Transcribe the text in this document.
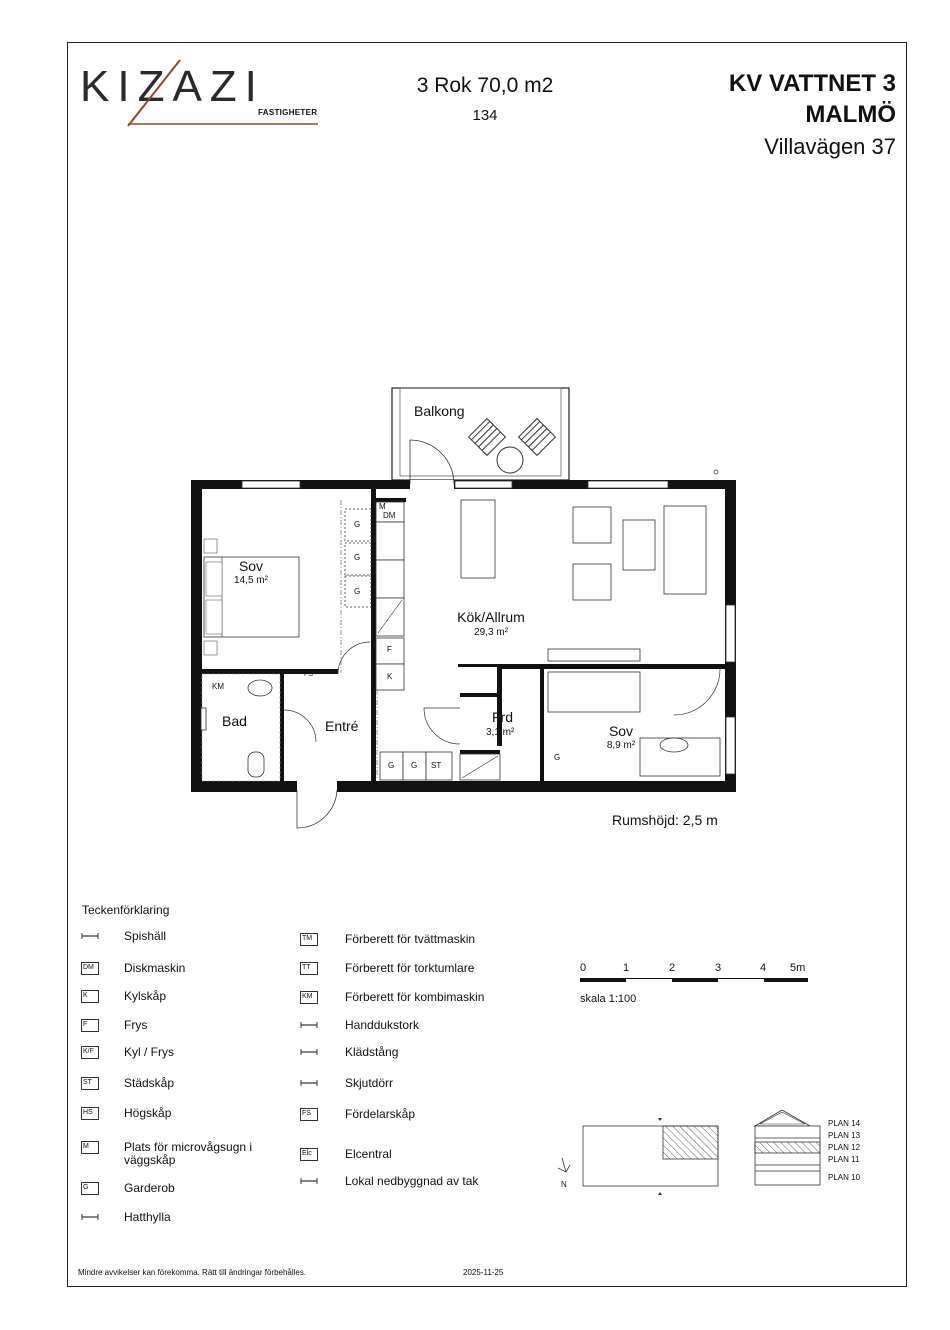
KIZAZI
FASTIGHETER
3 Rok 70,0 m2
134
KV VATTNET 3
MALMÖ
Villavägen 37
Balkong
Sov
14,5 m²
Kök/Allrum
29,3 m²
Bad	Entré
Frd
3,1 m²	Sov
8,9 m²
G
G
G
M
DM
F
K
KM
FS
G G ST
G
Rumshöjd: 2,5 m
Teckenförklaring
Spishäll
DM	Diskmaskin
K	Kylskåp
F	Frys
K/F	Kyl / Frys
ST	Städskåp
HS	Högskåp
M	Plats för microvågsugn i väggskåp
G	Garderob
Hatthylla
TM	Förberett för tvättmaskin
TT	Förberett för torktumlare
KM	Förberett för kombimaskin
Handdukstork
Klädstång
Skjutdörr
FS	Fördelarskåp
Elc	Elcentral
Lokal nedbyggnad av tak
0	1	2	3	4 5m
skala 1:100
N
PLAN 14
PLAN 13
PLAN 12
PLAN 11
PLAN 10
Mindre avvikelser kan förekomma. Rätt till ändringar förbehålles.	2025-11-25
